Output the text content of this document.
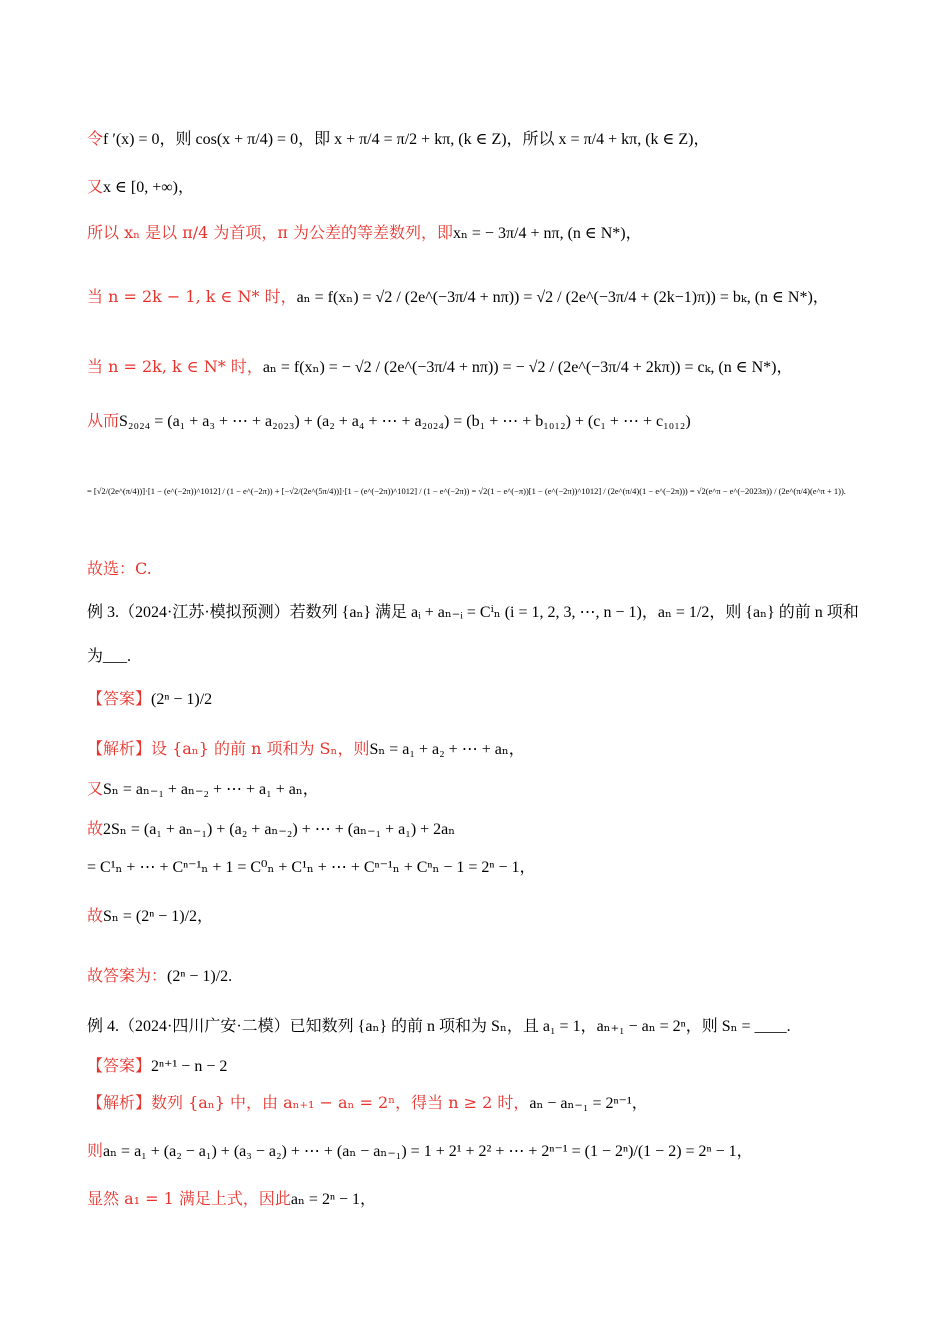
令f ′(x) = 0，则 cos(x + π/4) = 0，即 x + π/4 = π/2 + kπ, (k ∈ Z)，所以 x = π/4 + kπ, (k ∈ Z)，
又x ∈ [0, +∞)，
所以 xₙ 是以 π/4 为首项，π 为公差的等差数列，即xₙ = − 3π/4 + nπ, (n ∈ N*)，
当 n = 2k − 1, k ∈ N* 时，aₙ = f(xₙ) = √2 / (2e^(−3π/4 + nπ)) = √2 / (2e^(−3π/4 + (2k−1)π)) = bₖ, (n ∈ N*)，
当 n = 2k, k ∈ N* 时，aₙ = f(xₙ) = − √2 / (2e^(−3π/4 + nπ)) = − √2 / (2e^(−3π/4 + 2kπ)) = cₖ, (n ∈ N*)，
从而S₂₀₂₄ = (a₁ + a₃ + ⋯ + a₂₀₂₃) + (a₂ + a₄ + ⋯ + a₂₀₂₄) = (b₁ + ⋯ + b₁₀₁₂) + (c₁ + ⋯ + c₁₀₁₂)
= [√2/(2e^(π/4))]·[1 − (e^(−2π))^1012] / (1 − e^(−2π)) + [−√2/(2e^(5π/4))]·[1 − (e^(−2π))^1012] / (1 − e^(−2π)) = √2(1 − e^(−π))[1 − (e^(−2π))^1012] / (2e^(π/4)(1 − e^(−2π))) = √2(e^π − e^(−2023π)) / (2e^(π/4)(e^π + 1)).
故选：C.
例 3.（2024·江苏·模拟预测）若数列 {aₙ} 满足 aᵢ + aₙ₋ᵢ = Cⁱₙ (i = 1, 2, 3, ⋯, n − 1)，aₙ = 1/2，则 {aₙ} 的前 n 项和
为___.
【答案】(2ⁿ − 1)/2
【解析】设 {aₙ} 的前 n 项和为 Sₙ，则Sₙ = a₁ + a₂ + ⋯ + aₙ，
又Sₙ = aₙ₋₁ + aₙ₋₂ + ⋯ + a₁ + aₙ，
故2Sₙ = (a₁ + aₙ₋₁) + (a₂ + aₙ₋₂) + ⋯ + (aₙ₋₁ + a₁) + 2aₙ
= C¹ₙ + ⋯ + Cⁿ⁻¹ₙ + 1 = C⁰ₙ + C¹ₙ + ⋯ + Cⁿ⁻¹ₙ + Cⁿₙ − 1 = 2ⁿ − 1，
故Sₙ = (2ⁿ − 1)/2，
故答案为：(2ⁿ − 1)/2.
例 4.（2024·四川广安·二模）已知数列 {aₙ} 的前 n 项和为 Sₙ，且 a₁ = 1，aₙ₊₁ − aₙ = 2ⁿ，则 Sₙ = ____.
【答案】2ⁿ⁺¹ − n − 2
【解析】数列 {aₙ} 中，由 aₙ₊₁ − aₙ = 2ⁿ，得当 n ≥ 2 时，aₙ − aₙ₋₁ = 2ⁿ⁻¹，
则aₙ = a₁ + (a₂ − a₁) + (a₃ − a₂) + ⋯ + (aₙ − aₙ₋₁) = 1 + 2¹ + 2² + ⋯ + 2ⁿ⁻¹ = (1 − 2ⁿ)/(1 − 2) = 2ⁿ − 1，
显然 a₁ = 1 满足上式，因此aₙ = 2ⁿ − 1，
